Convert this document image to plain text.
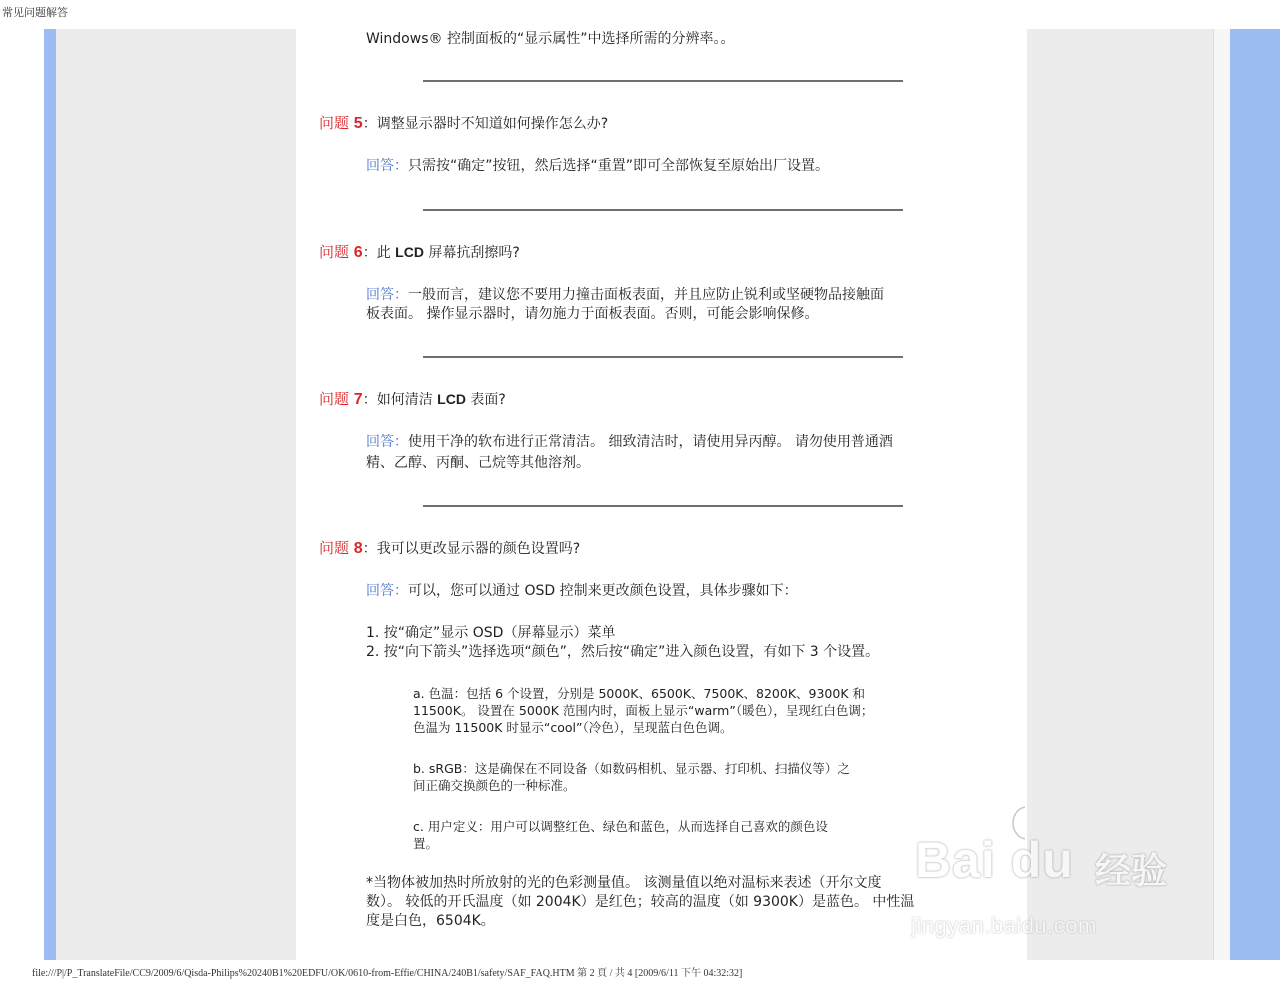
常见问题解答
Windows® 控制面板的“显示属性”中选择所需的分辨率。。
问题 5：调整显示器时不知道如何操作怎么办?
回答：只需按“确定”按钮，然后选择“重置”即可全部恢复至原始出厂设置。
问题 6：此 LCD 屏幕抗刮擦吗?
回答：一般而言，建议您不要用力撞击面板表面，并且应防止锐利或坚硬物品接触面
板表面。 操作显示器时，请勿施力于面板表面。否则，可能会影响保修。
问题 7：如何清洁 LCD 表面?
回答：使用干净的软布进行正常清洁。 细致清洁时，请使用异丙醇。 请勿使用普通酒
精、乙醇、丙酮、己烷等其他溶剂。
问题 8：我可以更改显示器的颜色设置吗?
回答：可以，您可以通过 OSD 控制来更改颜色设置，具体步骤如下：
1. 按“确定”显示 OSD（屏幕显示）菜单
2. 按“向下箭头”选择选项“颜色”，然后按“确定”进入颜色设置，有如下 3 个设置。
a. 色温：包括 6 个设置，分别是 5000K、6500K、7500K、8200K、9300K 和
11500K。 设置在 5000K 范围内时，面板上显示“warm”（暖色），呈现红白色调；
色温为 11500K 时显示“cool”（冷色），呈现蓝白色色调。
b. sRGB：这是确保在不同设备（如数码相机、显示器、打印机、扫描仪等）之
间正确交换颜色的一种标准。
c. 用户定义：用户可以调整红色、绿色和蓝色，从而选择自己喜欢的颜色设
置。
*当物体被加热时所放射的光的色彩测量值。 该测量值以绝对温标来表述（开尔文度
数）。 较低的开氏温度（如 2004K）是红色；较高的温度（如 9300K）是蓝色。 中性温
度是白色，6504K。
Bai du 经验
jingyan.baidu.com
file:///P|/P_TranslateFile/CC9/2009/6/Qisda-Philips%20240B1%20EDFU/OK/0610-from-Effie/CHINA/240B1/safety/SAF_FAQ.HTM 第 2 頁 / 共 4 [2009/6/11 下午 04:32:32]
